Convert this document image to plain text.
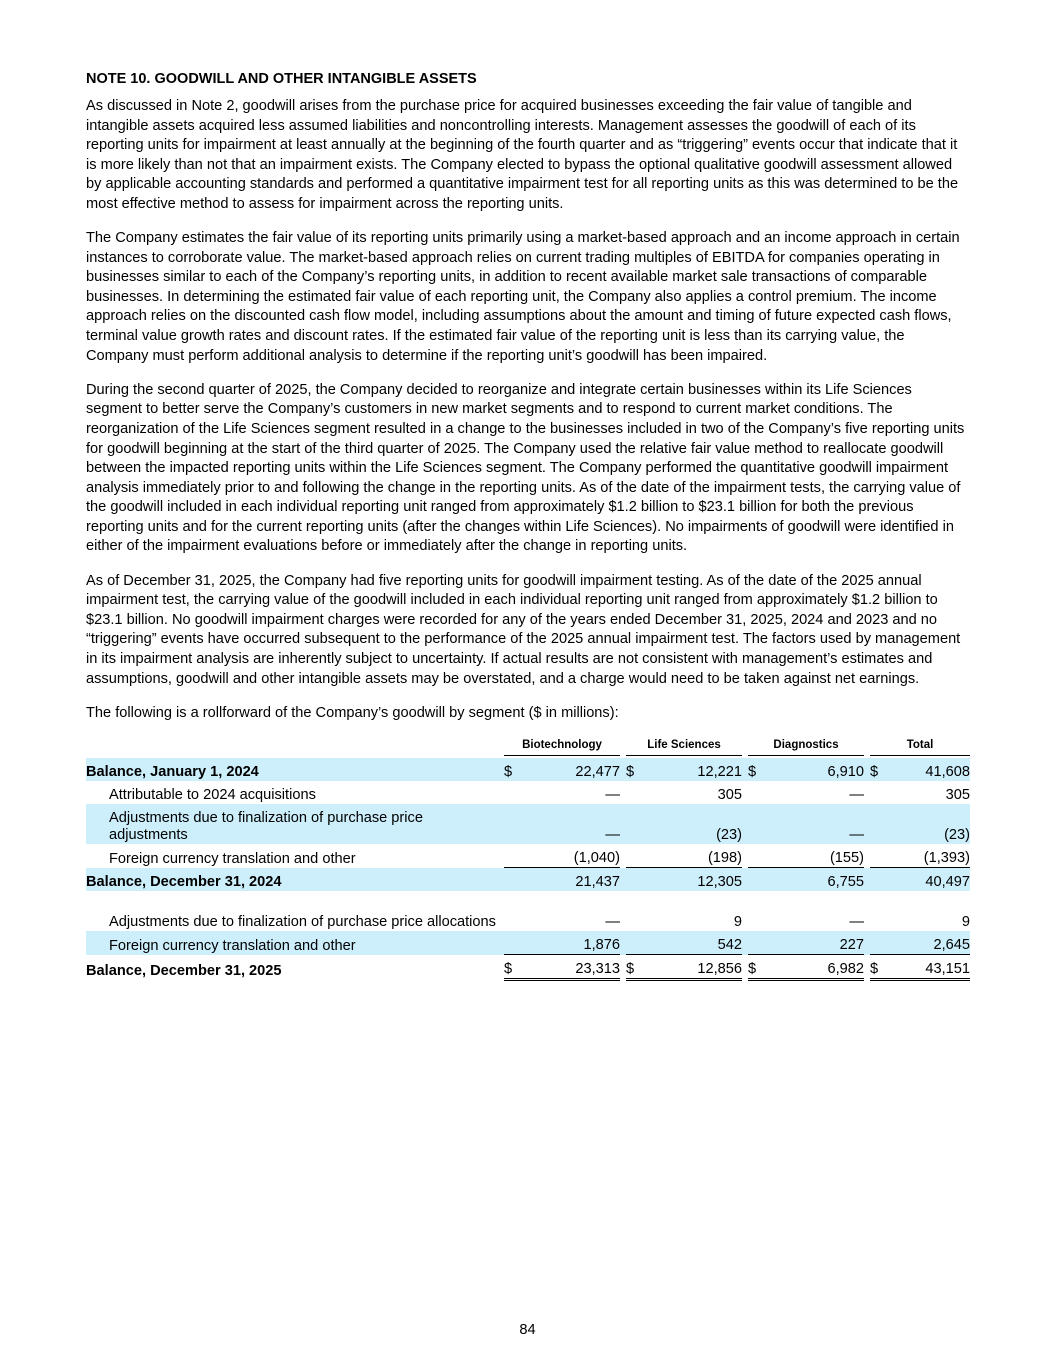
NOTE 10. GOODWILL AND OTHER INTANGIBLE ASSETS

As discussed in Note 2, goodwill arises from the purchase price for acquired businesses exceeding the fair value of tangible and intangible assets acquired less assumed liabilities and noncontrolling interests. Management assesses the goodwill of each of its reporting units for impairment at least annually at the beginning of the fourth quarter and as “triggering” events occur that indicate that it is more likely than not that an impairment exists. The Company elected to bypass the optional qualitative goodwill assessment allowed by applicable accounting standards and performed a quantitative impairment test for all reporting units as this was determined to be the most effective method to assess for impairment across the reporting units.

The Company estimates the fair value of its reporting units primarily using a market-based approach and an income approach in certain instances to corroborate value. The market-based approach relies on current trading multiples of EBITDA for companies operating in businesses similar to each of the Company’s reporting units, in addition to recent available market sale transactions of comparable businesses. In determining the estimated fair value of each reporting unit, the Company also applies a control premium. The income approach relies on the discounted cash flow model, including assumptions about the amount and timing of future expected cash flows, terminal value growth rates and discount rates. If the estimated fair value of the reporting unit is less than its carrying value, the Company must perform additional analysis to determine if the reporting unit’s goodwill has been impaired.

During the second quarter of 2025, the Company decided to reorganize and integrate certain businesses within its Life Sciences segment to better serve the Company’s customers in new market segments and to respond to current market conditions. The reorganization of the Life Sciences segment resulted in a change to the businesses included in two of the Company’s five reporting units for goodwill beginning at the start of the third quarter of 2025. The Company used the relative fair value method to reallocate goodwill between the impacted reporting units within the Life Sciences segment. The Company performed the quantitative goodwill impairment analysis immediately prior to and following the change in the reporting units. As of the date of the impairment tests, the carrying value of the goodwill included in each individual reporting unit ranged from approximately $1.2 billion to $23.1 billion for both the previous reporting units and for the current reporting units (after the changes within Life Sciences). No impairments of goodwill were identified in either of the impairment evaluations before or immediately after the change in reporting units.

As of December 31, 2025, the Company had five reporting units for goodwill impairment testing. As of the date of the 2025 annual impairment test, the carrying value of the goodwill included in each individual reporting unit ranged from approximately $1.2 billion to $23.1 billion. No goodwill impairment charges were recorded for any of the years ended December 31, 2025, 2024 and 2023 and no “triggering” events have occurred subsequent to the performance of the 2025 annual impairment test. The factors used by management in its impairment analysis are inherently subject to uncertainty. If actual results are not consistent with management’s estimates and assumptions, goodwill and other intangible assets may be overstated, and a charge would need to be taken against net earnings.

The following is a rollforward of the Company’s goodwill by segment ($ in millions):

		Biotechnology			Life Sciences			Diagnostics			Total	

Balance, January 1, 2024		$	22,477		$	12,221		$	6,910		$	41,608
Attributable to 2024 acquisitions			—			305			—			305
Adjustments due to finalization of purchase price adjustments			—			(23)			—			(23)
Foreign currency translation and other			(1,040)			(198)			(155)			(1,393)
Balance, December 31, 2024			21,437			12,305			6,755			40,497
Adjustments due to finalization of purchase price allocations			—			9			—			9
Foreign currency translation and other			1,876			542			227			2,645
Balance, December 31, 2025		$	23,313		$	12,856		$	6,982		$	43,151
84
